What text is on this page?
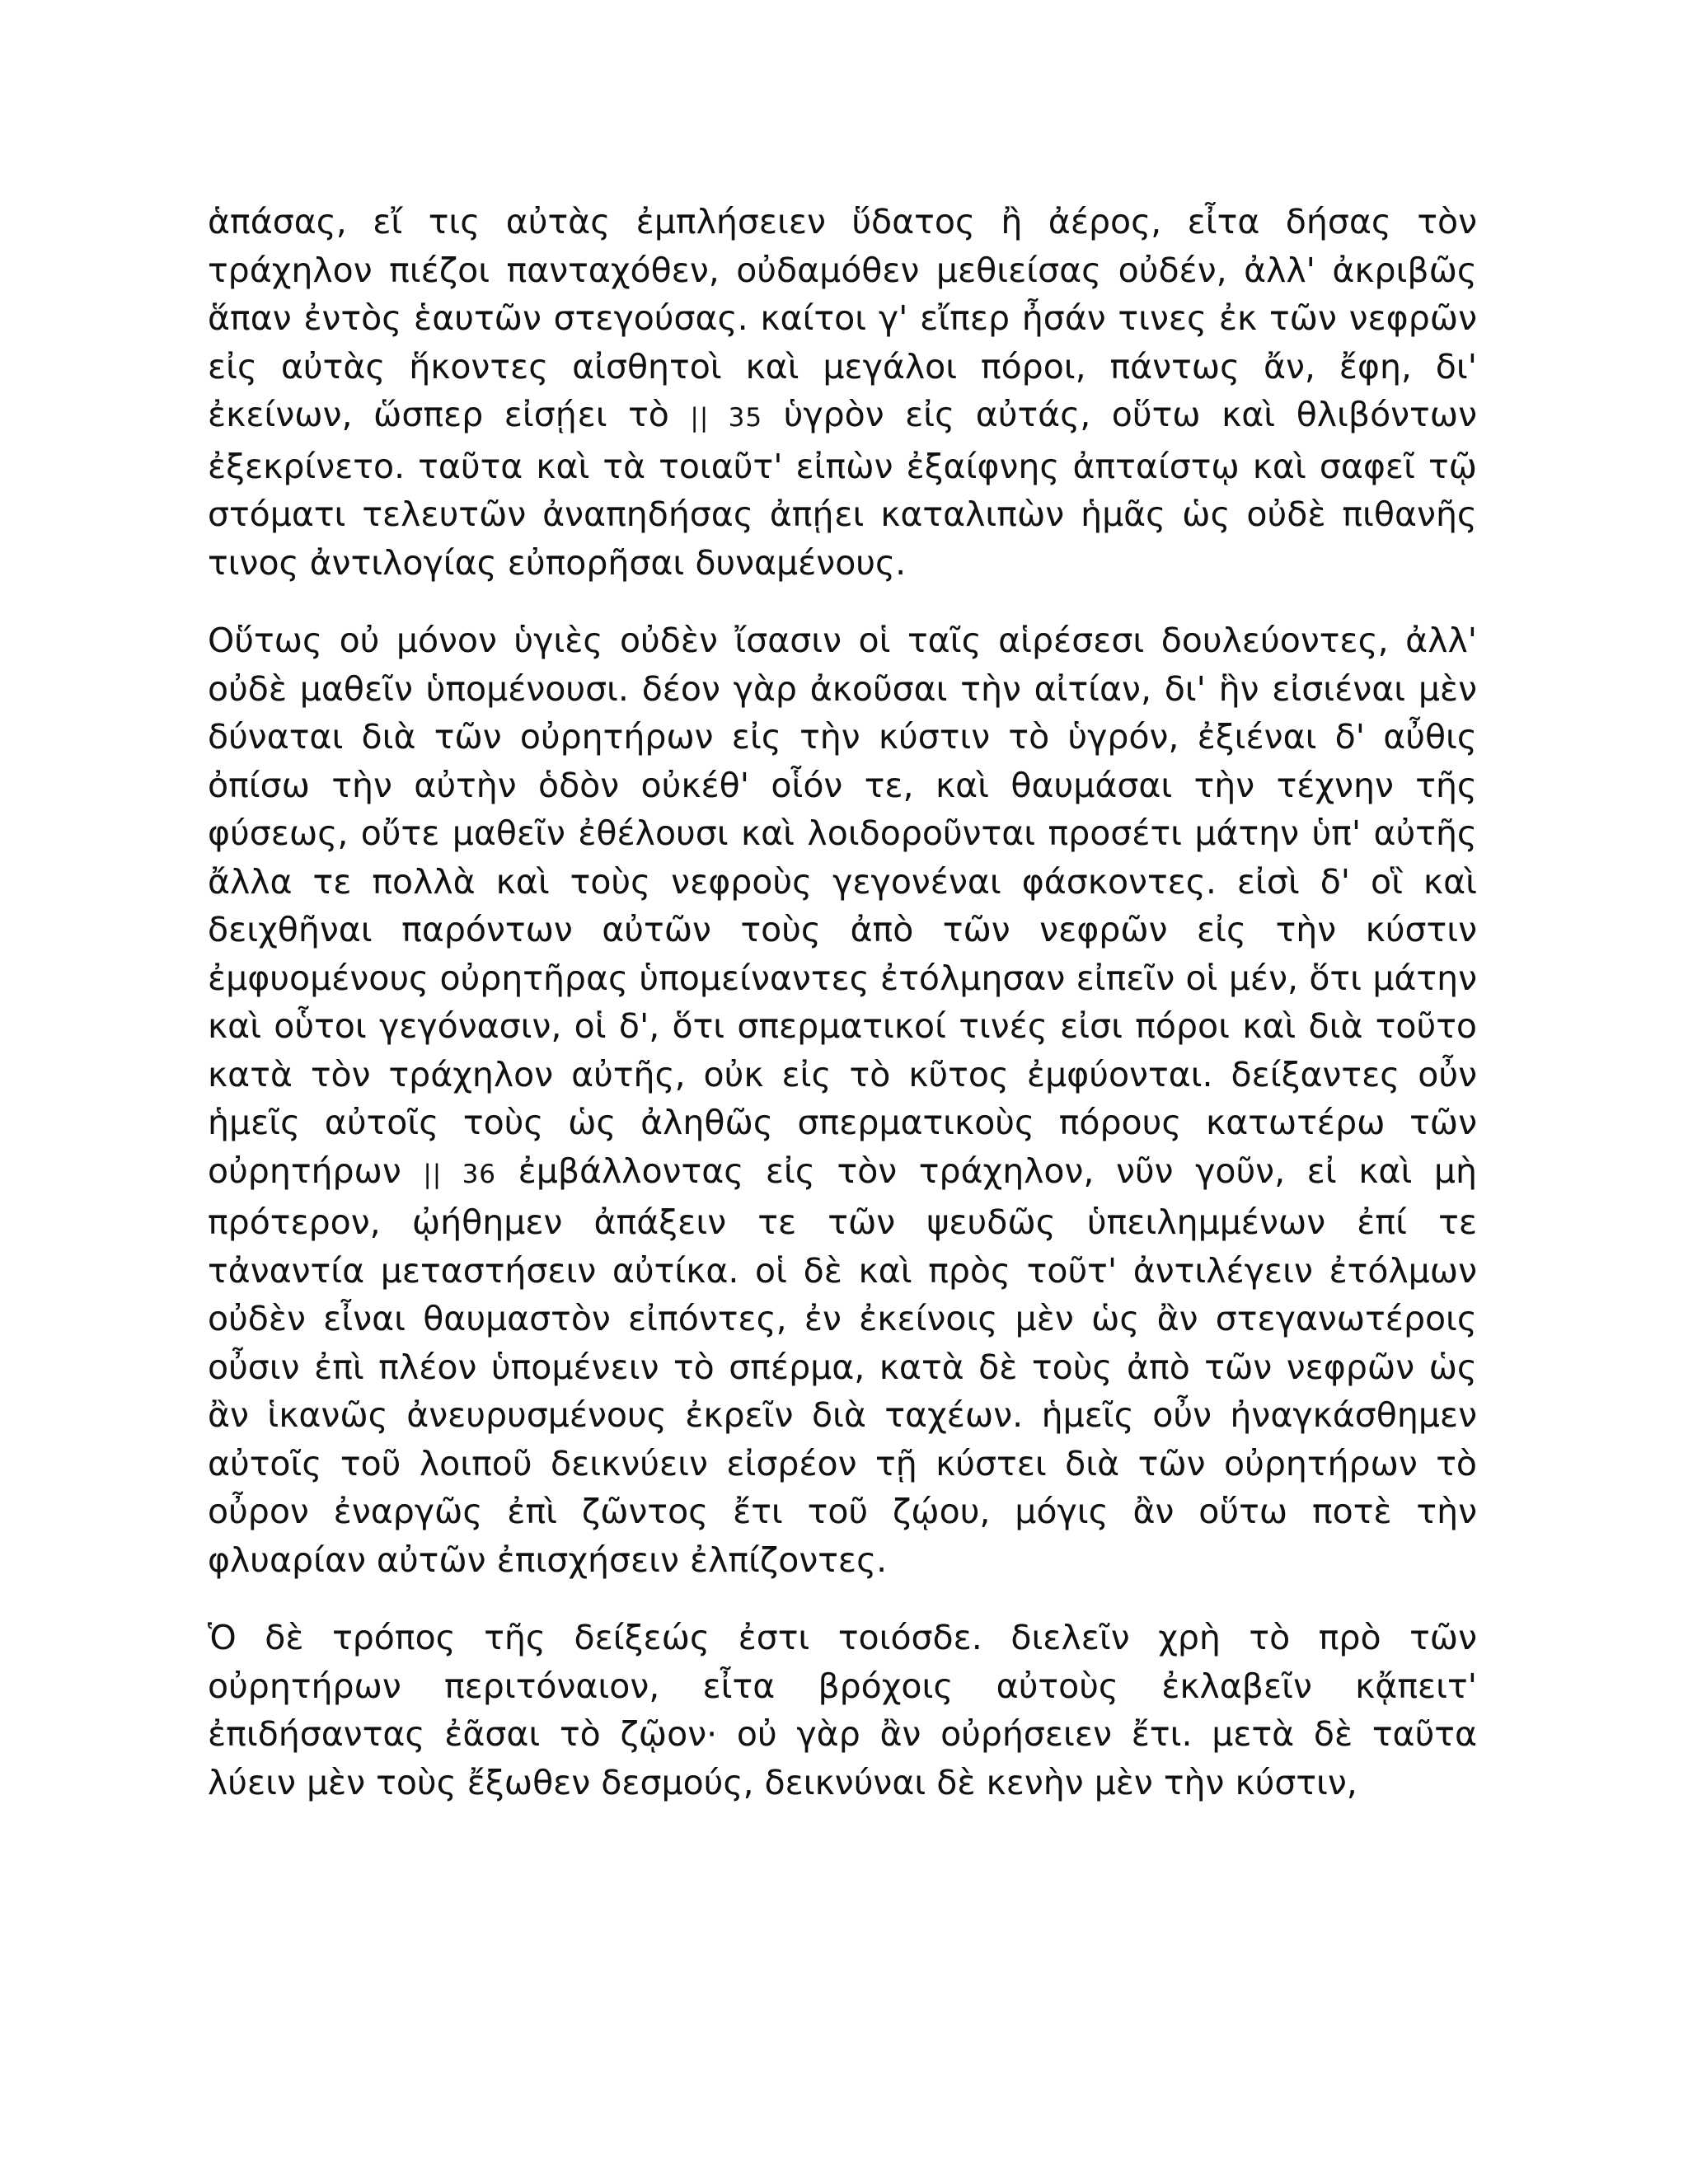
ἁπάσας, εἴ τις αὐτὰς ἐμπλήσειεν ὕδατος ἢ ἀέρος, εἶτα δήσας τὸν τράχηλον πιέζοι πανταχόθεν, οὐδαμόθεν μεθιείσας οὐδέν, ἀλλ' ἀκριβῶς ἅπαν ἐντὸς ἑαυτῶν στεγούσας. καίτοι γ' εἴπερ ἦσάν τινες ἐκ τῶν νεφρῶν εἰς αὐτὰς ἥκοντες αἰσθητοὶ καὶ μεγάλοι πόροι, πάντως ἄν, ἔφη, δι' ἐκείνων, ὥσπερ εἰσῄει τὸ || 35 ὑγρὸν εἰς αὐτάς, οὕτω καὶ θλιβόντων ἐξεκρίνετο. ταῦτα καὶ τὰ τοιαῦτ' εἰπὼν ἐξαίφνης ἀπταίστῳ καὶ σαφεῖ τῷ στόματι τελευτῶν ἀναπηδήσας ἀπῄει καταλιπὼν ἡμᾶς ὡς οὐδὲ πιθανῆς τινος ἀντιλογίας εὐπορῆσαι δυναμένους.

Οὕτως οὐ μόνον ὑγιὲς οὐδὲν ἴσασιν οἱ ταῖς αἱρέσεσι δουλεύοντες, ἀλλ' οὐδὲ μαθεῖν ὑπομένουσι. δέον γὰρ ἀκοῦσαι τὴν αἰτίαν, δι' ἣν εἰσιέναι μὲν δύναται διὰ τῶν οὐρητήρων εἰς τὴν κύστιν τὸ ὑγρόν, ἐξιέναι δ' αὖθις ὀπίσω τὴν αὐτὴν ὁδὸν οὐκέθ' οἷόν τε, καὶ θαυμάσαι τὴν τέχνην τῆς φύσεως, οὔτε μαθεῖν ἐθέλουσι καὶ λοιδοροῦνται προσέτι μάτην ὑπ' αὐτῆς ἄλλα τε πολλὰ καὶ τοὺς νεφροὺς γεγονέναι φάσκοντες. εἰσὶ δ' οἳ καὶ δειχθῆναι παρόντων αὐτῶν τοὺς ἀπὸ τῶν νεφρῶν εἰς τὴν κύστιν ἐμφυομένους οὐρητῆρας ὑπομείναντες ἐτόλμησαν εἰπεῖν οἱ μέν, ὅτι μάτην καὶ οὗτοι γεγόνασιν, οἱ δ', ὅτι σπερματικοί τινές εἰσι πόροι καὶ διὰ τοῦτο κατὰ τὸν τράχηλον αὐτῆς, οὐκ εἰς τὸ κῦτος ἐμφύονται. δείξαντες οὖν ἡμεῖς αὐτοῖς τοὺς ὡς ἀληθῶς σπερματικοὺς πόρους κατωτέρω τῶν οὐρητήρων || 36 ἐμβάλλοντας εἰς τὸν τράχηλον, νῦν γοῦν, εἰ καὶ μὴ πρότερον, ᾠήθημεν ἀπάξειν τε τῶν ψευδῶς ὑπειλημμένων ἐπί τε τἀναντία μεταστήσειν αὐτίκα. οἱ δὲ καὶ πρὸς τοῦτ' ἀντιλέγειν ἐτόλμων οὐδὲν εἶναι θαυμαστὸν εἰπόντες, ἐν ἐκείνοις μὲν ὡς ἂν στεγανωτέροις οὖσιν ἐπὶ πλέον ὑπομένειν τὸ σπέρμα, κατὰ δὲ τοὺς ἀπὸ τῶν νεφρῶν ὡς ἂν ἱκανῶς ἀνευρυσμένους ἐκρεῖν διὰ ταχέων. ἡμεῖς οὖν ἠναγκάσθημεν αὐτοῖς τοῦ λοιποῦ δεικνύειν εἰσρέον τῇ κύστει διὰ τῶν οὐρητήρων τὸ οὖρον ἐναργῶς ἐπὶ ζῶντος ἔτι τοῦ ζῴου, μόγις ἂν οὕτω ποτὲ τὴν φλυαρίαν αὐτῶν ἐπισχήσειν ἐλπίζοντες.

Ὁ δὲ τρόπος τῆς δείξεώς ἐστι τοιόσδε. διελεῖν χρὴ τὸ πρὸ τῶν οὐρητήρων περιτόναιον, εἶτα βρόχοις αὐτοὺς ἐκλαβεῖν κᾄπειτ' ἐπιδήσαντας ἐᾶσαι τὸ ζῷον· οὐ γὰρ ἂν οὐρήσειεν ἔτι. μετὰ δὲ ταῦτα λύειν μὲν τοὺς ἔξωθεν δεσμούς, δεικνύναι δὲ κενὴν μὲν τὴν κύστιν,
